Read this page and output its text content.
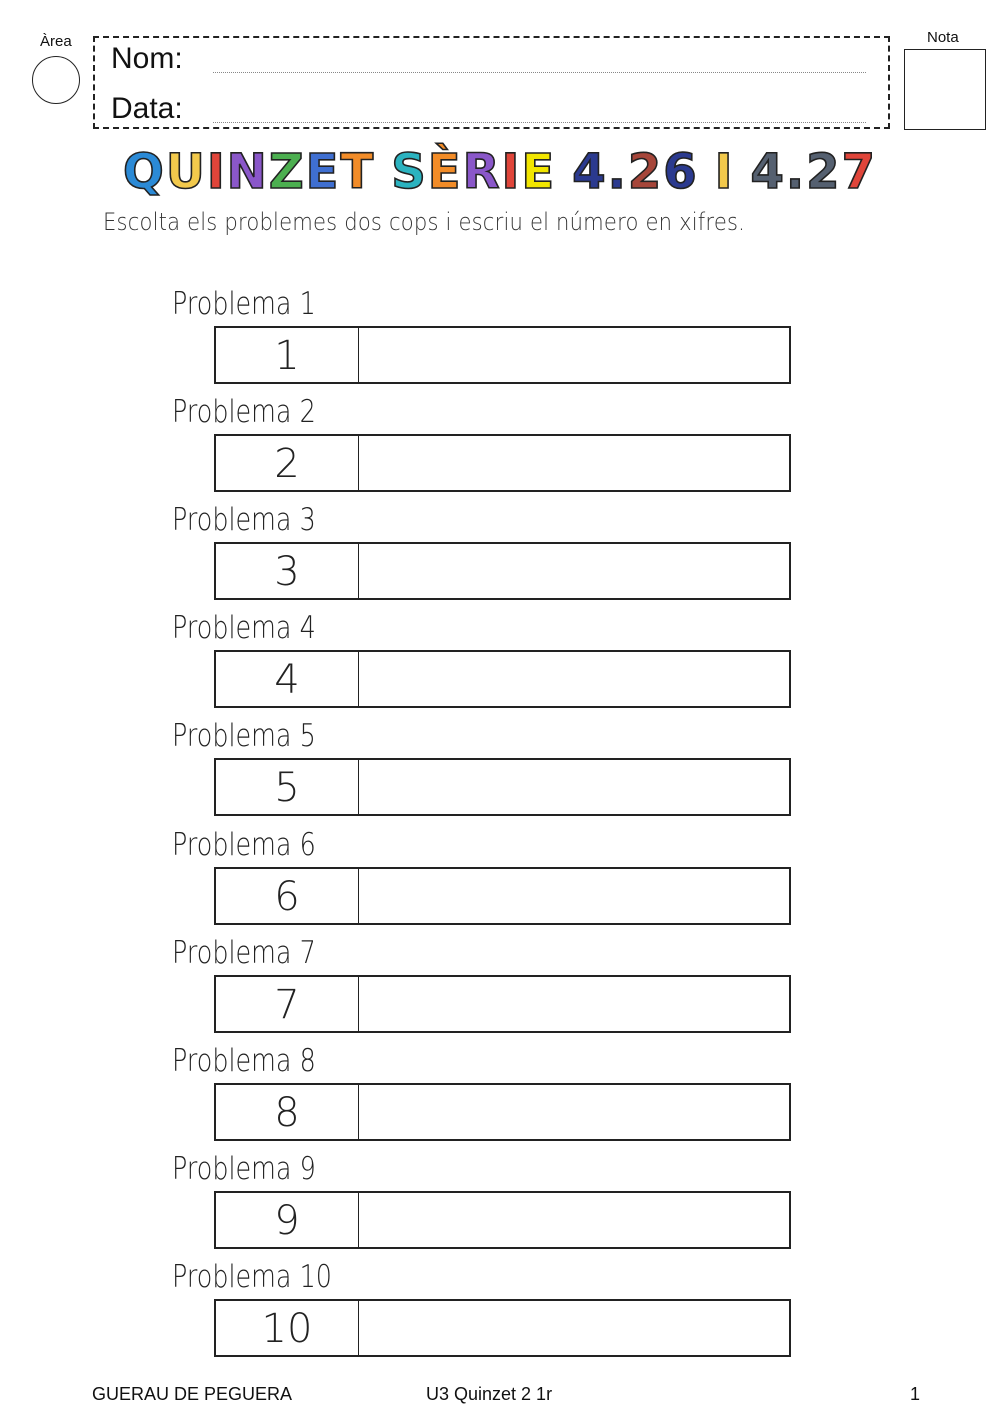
Àrea
Nom:
Data:
Nota
QUINZET SÈRIE 4.26 I 4.27
Escolta els problemes dos cops i escriu el número en xifres.
Problema 1
1
Problema 2
2
Problema 3
3
Problema 4
4
Problema 5
5
Problema 6
6
Problema 7
7
Problema 8
8
Problema 9
9
Problema 10
10
GUERAU DE PEGUERA	U3 Quinzet 2 1r	1
